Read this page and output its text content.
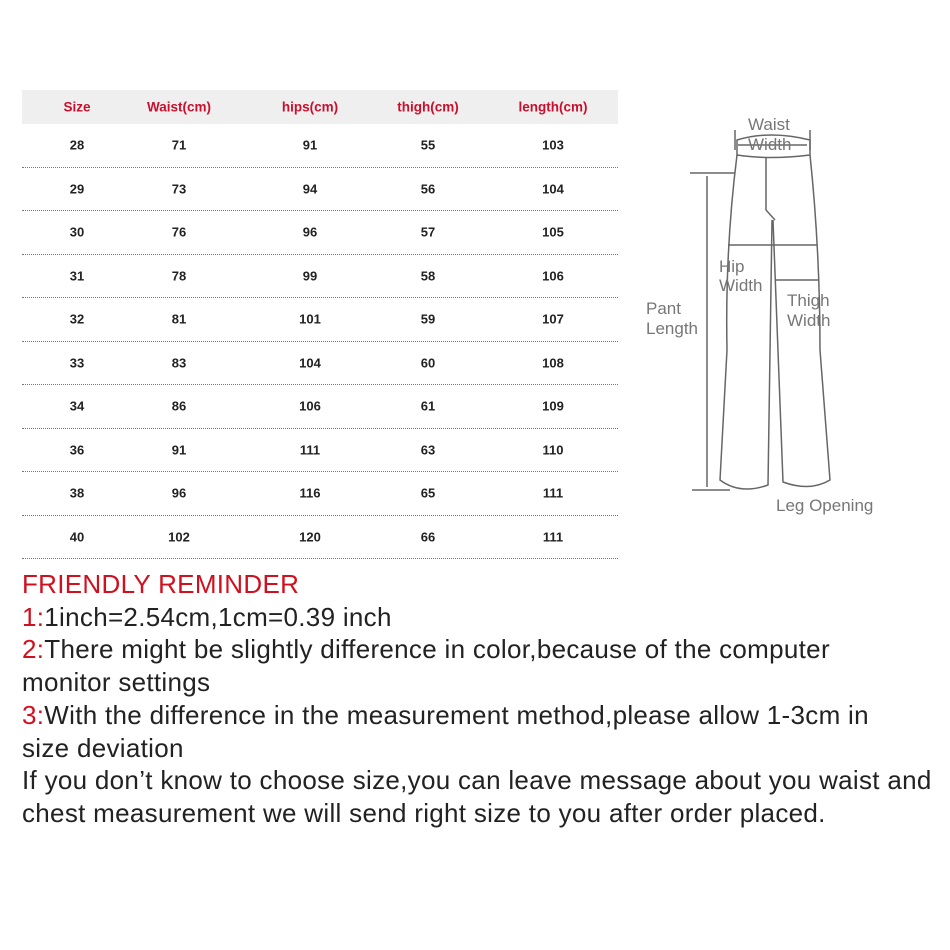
Size	Waist(cm)	hips(cm)	thigh(cm)	length(cm)
28	71	91	55	103
29	73	94	56	104
30	76	96	57	105
31	78	99	58	106
32	81	101	59	107
33	83	104	60	108
34	86	106	61	109
36	91	111	63	110
38	96	116	65	111
40	102	120	66	111
Waist
Width
Hip
Width
Thigh
Width
Pant
Length
Leg Opening
FRIENDLY REMINDER
1:1inch=2.54cm,1cm=0.39 inch
2:There might be slightly difference in color,because of the computer monitor settings
3:With the difference in the measurement method,please allow 1-3cm in size deviation
If you don’t know to choose size,you can leave message about you waist and chest measurement we will send right size to you after order placed.
